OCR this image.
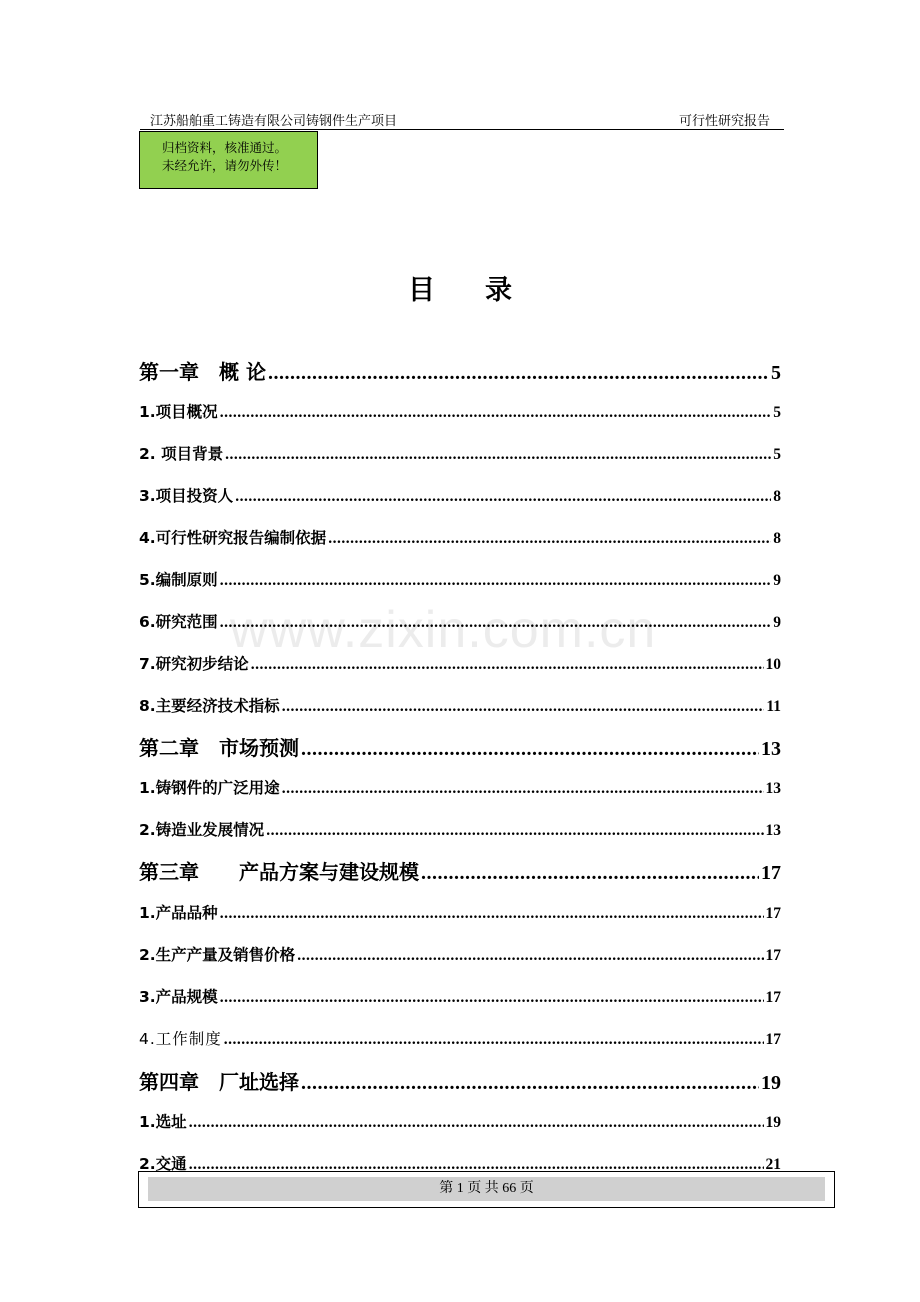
江苏船舶重工铸造有限公司铸钢件生产项目	可行性研究报告
归档资料，核准通过。
未经允许，请勿外传！
目录
www.zixin.com.cn
第一章　概 论 .....	5
1.项目概况 .....	5
2. 项目背景 .....	5
3.项目投资人 .....	8
4.可行性研究报告编制依据 .....	8
5.编制原则 .....	9
6.研究范围 .....	9
7.研究初步结论 .....	10
8.主要经济技术指标 .....	11
第二章　市场预测 .....	13
1.铸钢件的广泛用途 .....	13
2.铸造业发展情况 .....	13
第三章　　产品方案与建设规模 .....	17
1.产品品种 .....	17
2.生产产量及销售价格 .....	17
3.产品规模 .....	17
4.工作制度 .....	17
第四章　厂址选择 .....	19
1.选址 .....	19
2.交通 .....	21
第 1 页 共 66 页
